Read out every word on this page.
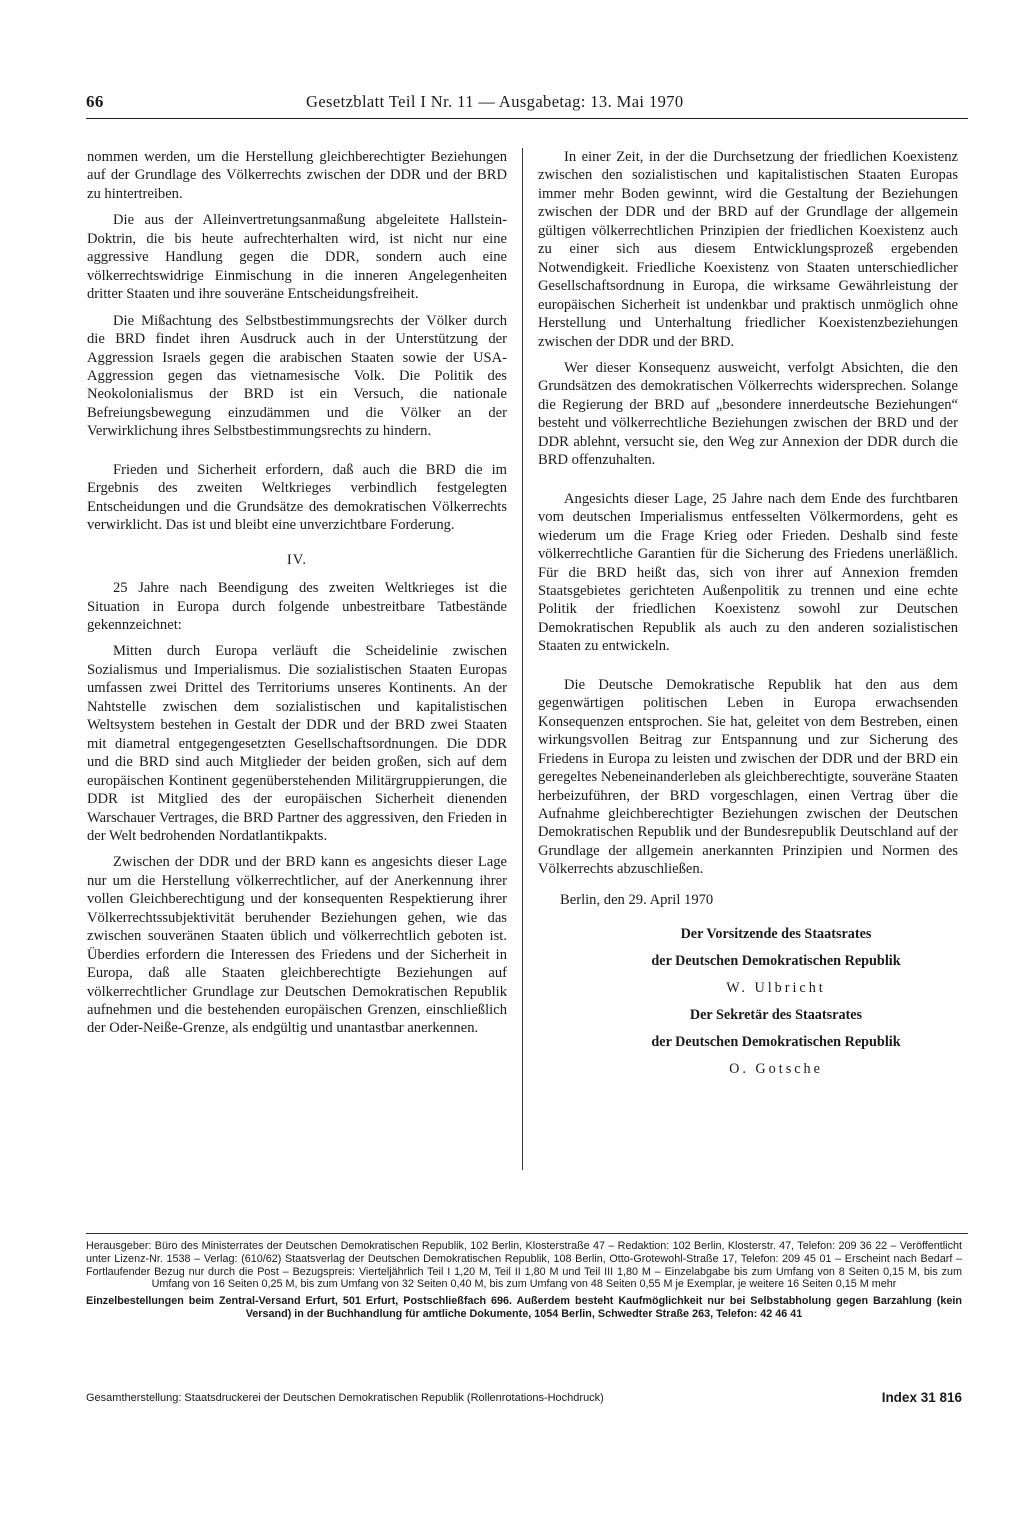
66	Gesetzblatt Teil I Nr. 11 — Ausgabetag: 13. Mai 1970

nommen werden, um die Herstellung gleichberechtigter Beziehungen auf der Grundlage des Völkerrechts zwischen der DDR und der BRD zu hintertreiben.

Die aus der Alleinvertretungsanmaßung abgeleitete Hallstein-Doktrin, die bis heute aufrechterhalten wird, ist nicht nur eine aggressive Handlung gegen die DDR, sondern auch eine völkerrechtswidrige Einmischung in die inneren Angelegenheiten dritter Staaten und ihre souveräne Entscheidungsfreiheit.

Die Mißachtung des Selbstbestimmungsrechts der Völker durch die BRD findet ihren Ausdruck auch in der Unterstützung der Aggression Israels gegen die arabischen Staaten sowie der USA-Aggression gegen das vietnamesische Volk. Die Politik des Neokolonialismus der BRD ist ein Versuch, die nationale Befreiungsbewegung einzudämmen und die Völker an der Verwirklichung ihres Selbstbestimmungsrechts zu hindern.

Frieden und Sicherheit erfordern, daß auch die BRD die im Ergebnis des zweiten Weltkrieges verbindlich festgelegten Entscheidungen und die Grundsätze des demokratischen Völkerrechts verwirklicht. Das ist und bleibt eine unverzichtbare Forderung.

IV.

25 Jahre nach Beendigung des zweiten Weltkrieges ist die Situation in Europa durch folgende unbestreitbare Tatbestände gekennzeichnet:

Mitten durch Europa verläuft die Scheidelinie zwischen Sozialismus und Imperialismus. Die sozialistischen Staaten Europas umfassen zwei Drittel des Territoriums unseres Kontinents. An der Nahtstelle zwischen dem sozialistischen und kapitalistischen Weltsystem bestehen in Gestalt der DDR und der BRD zwei Staaten mit diametral entgegengesetzten Gesellschaftsordnungen. Die DDR und die BRD sind auch Mitglieder der beiden großen, sich auf dem europäischen Kontinent gegenüberstehenden Militärgruppierungen, die DDR ist Mitglied des der europäischen Sicherheit dienenden Warschauer Vertrages, die BRD Partner des aggressiven, den Frieden in der Welt bedrohenden Nordatlantikpakts.

Zwischen der DDR und der BRD kann es angesichts dieser Lage nur um die Herstellung völkerrechtlicher, auf der Anerkennung ihrer vollen Gleichberechtigung und der konsequenten Respektierung ihrer Völkerrechtssubjektivität beruhender Beziehungen gehen, wie das zwischen souveränen Staaten üblich und völkerrechtlich geboten ist. Überdies erfordern die Interessen des Friedens und der Sicherheit in Europa, daß alle Staaten gleichberechtigte Beziehungen auf völkerrechtlicher Grundlage zur Deutschen Demokratischen Republik aufnehmen und die bestehenden europäischen Grenzen, einschließlich der Oder-Neiße-Grenze, als endgültig und unantastbar anerkennen.

In einer Zeit, in der die Durchsetzung der friedlichen Koexistenz zwischen den sozialistischen und kapitalistischen Staaten Europas immer mehr Boden gewinnt, wird die Gestaltung der Beziehungen zwischen der DDR und der BRD auf der Grundlage der allgemein gültigen völkerrechtlichen Prinzipien der friedlichen Koexistenz auch zu einer sich aus diesem Entwicklungsprozeß ergebenden Notwendigkeit. Friedliche Koexistenz von Staaten unterschiedlicher Gesellschaftsordnung in Europa, die wirksame Gewährleistung der europäischen Sicherheit ist undenkbar und praktisch unmöglich ohne Herstellung und Unterhaltung friedlicher Koexistenzbeziehungen zwischen der DDR und der BRD.

Wer dieser Konsequenz ausweicht, verfolgt Absichten, die den Grundsätzen des demokratischen Völkerrechts widersprechen. Solange die Regierung der BRD auf „besondere innerdeutsche Beziehungen“ besteht und völkerrechtliche Beziehungen zwischen der BRD und der DDR ablehnt, versucht sie, den Weg zur Annexion der DDR durch die BRD offenzuhalten.

Angesichts dieser Lage, 25 Jahre nach dem Ende des furchtbaren vom deutschen Imperialismus entfesselten Völkermordens, geht es wiederum um die Frage Krieg oder Frieden. Deshalb sind feste völkerrechtliche Garantien für die Sicherung des Friedens unerläßlich. Für die BRD heißt das, sich von ihrer auf Annexion fremden Staatsgebietes gerichteten Außenpolitik zu trennen und eine echte Politik der friedlichen Koexistenz sowohl zur Deutschen Demokratischen Republik als auch zu den anderen sozialistischen Staaten zu entwickeln.

Die Deutsche Demokratische Republik hat den aus dem gegenwärtigen politischen Leben in Europa erwachsenden Konsequenzen entsprochen. Sie hat, geleitet von dem Bestreben, einen wirkungsvollen Beitrag zur Entspannung und zur Sicherung des Friedens in Europa zu leisten und zwischen der DDR und der BRD ein geregeltes Nebeneinanderleben als gleichberechtigte, souveräne Staaten herbeizuführen, der BRD vorgeschlagen, einen Vertrag über die Aufnahme gleichberechtigter Beziehungen zwischen der Deutschen Demokratischen Republik und der Bundesrepublik Deutschland auf der Grundlage der allgemein anerkannten Prinzipien und Normen des Völkerrechts abzuschließen.

Berlin, den 29. April 1970

Der Vorsitzende des Staatsrates

der Deutschen Demokratischen Republik

W. Ulbricht

Der Sekretär des Staatsrates

der Deutschen Demokratischen Republik

O. Gotsche

Herausgeber: Büro des Ministerrates der Deutschen Demokratischen Republik, 102 Berlin, Klosterstraße 47 – Redaktion: 102 Berlin, Klosterstr. 47, Telefon: 209 36 22 – Veröffentlicht unter Lizenz-Nr. 1538 – Verlag: (610/62) Staatsverlag der Deutschen Demokratischen Republik, 108 Berlin, Otto-Grotewohl-Straße 17, Telefon: 209 45 01 – Erscheint nach Bedarf – Fortlaufender Bezug nur durch die Post – Bezugspreis: Vierteljährlich Teil I 1,20 M, Teil II 1,80 M und Teil III 1,80 M – Einzelabgabe bis zum Umfang von 8 Seiten 0,15 M, bis zum Umfang von 16 Seiten 0,25 M, bis zum Umfang von 32 Seiten 0,40 M, bis zum Umfang von 48 Seiten 0,55 M je Exemplar, je weitere 16 Seiten 0,15 M mehr

Einzelbestellungen beim Zentral-Versand Erfurt, 501 Erfurt, Postschließfach 696. Außerdem besteht Kaufmöglichkeit nur bei Selbstabholung gegen Barzahlung (kein Versand) in der Buchhandlung für amtliche Dokumente, 1054 Berlin, Schwedter Straße 263, Telefon: 42 46 41

Gesamtherstellung: Staatsdruckerei der Deutschen Demokratischen Republik (Rollenrotations-Hochdruck)	Index 31 816
